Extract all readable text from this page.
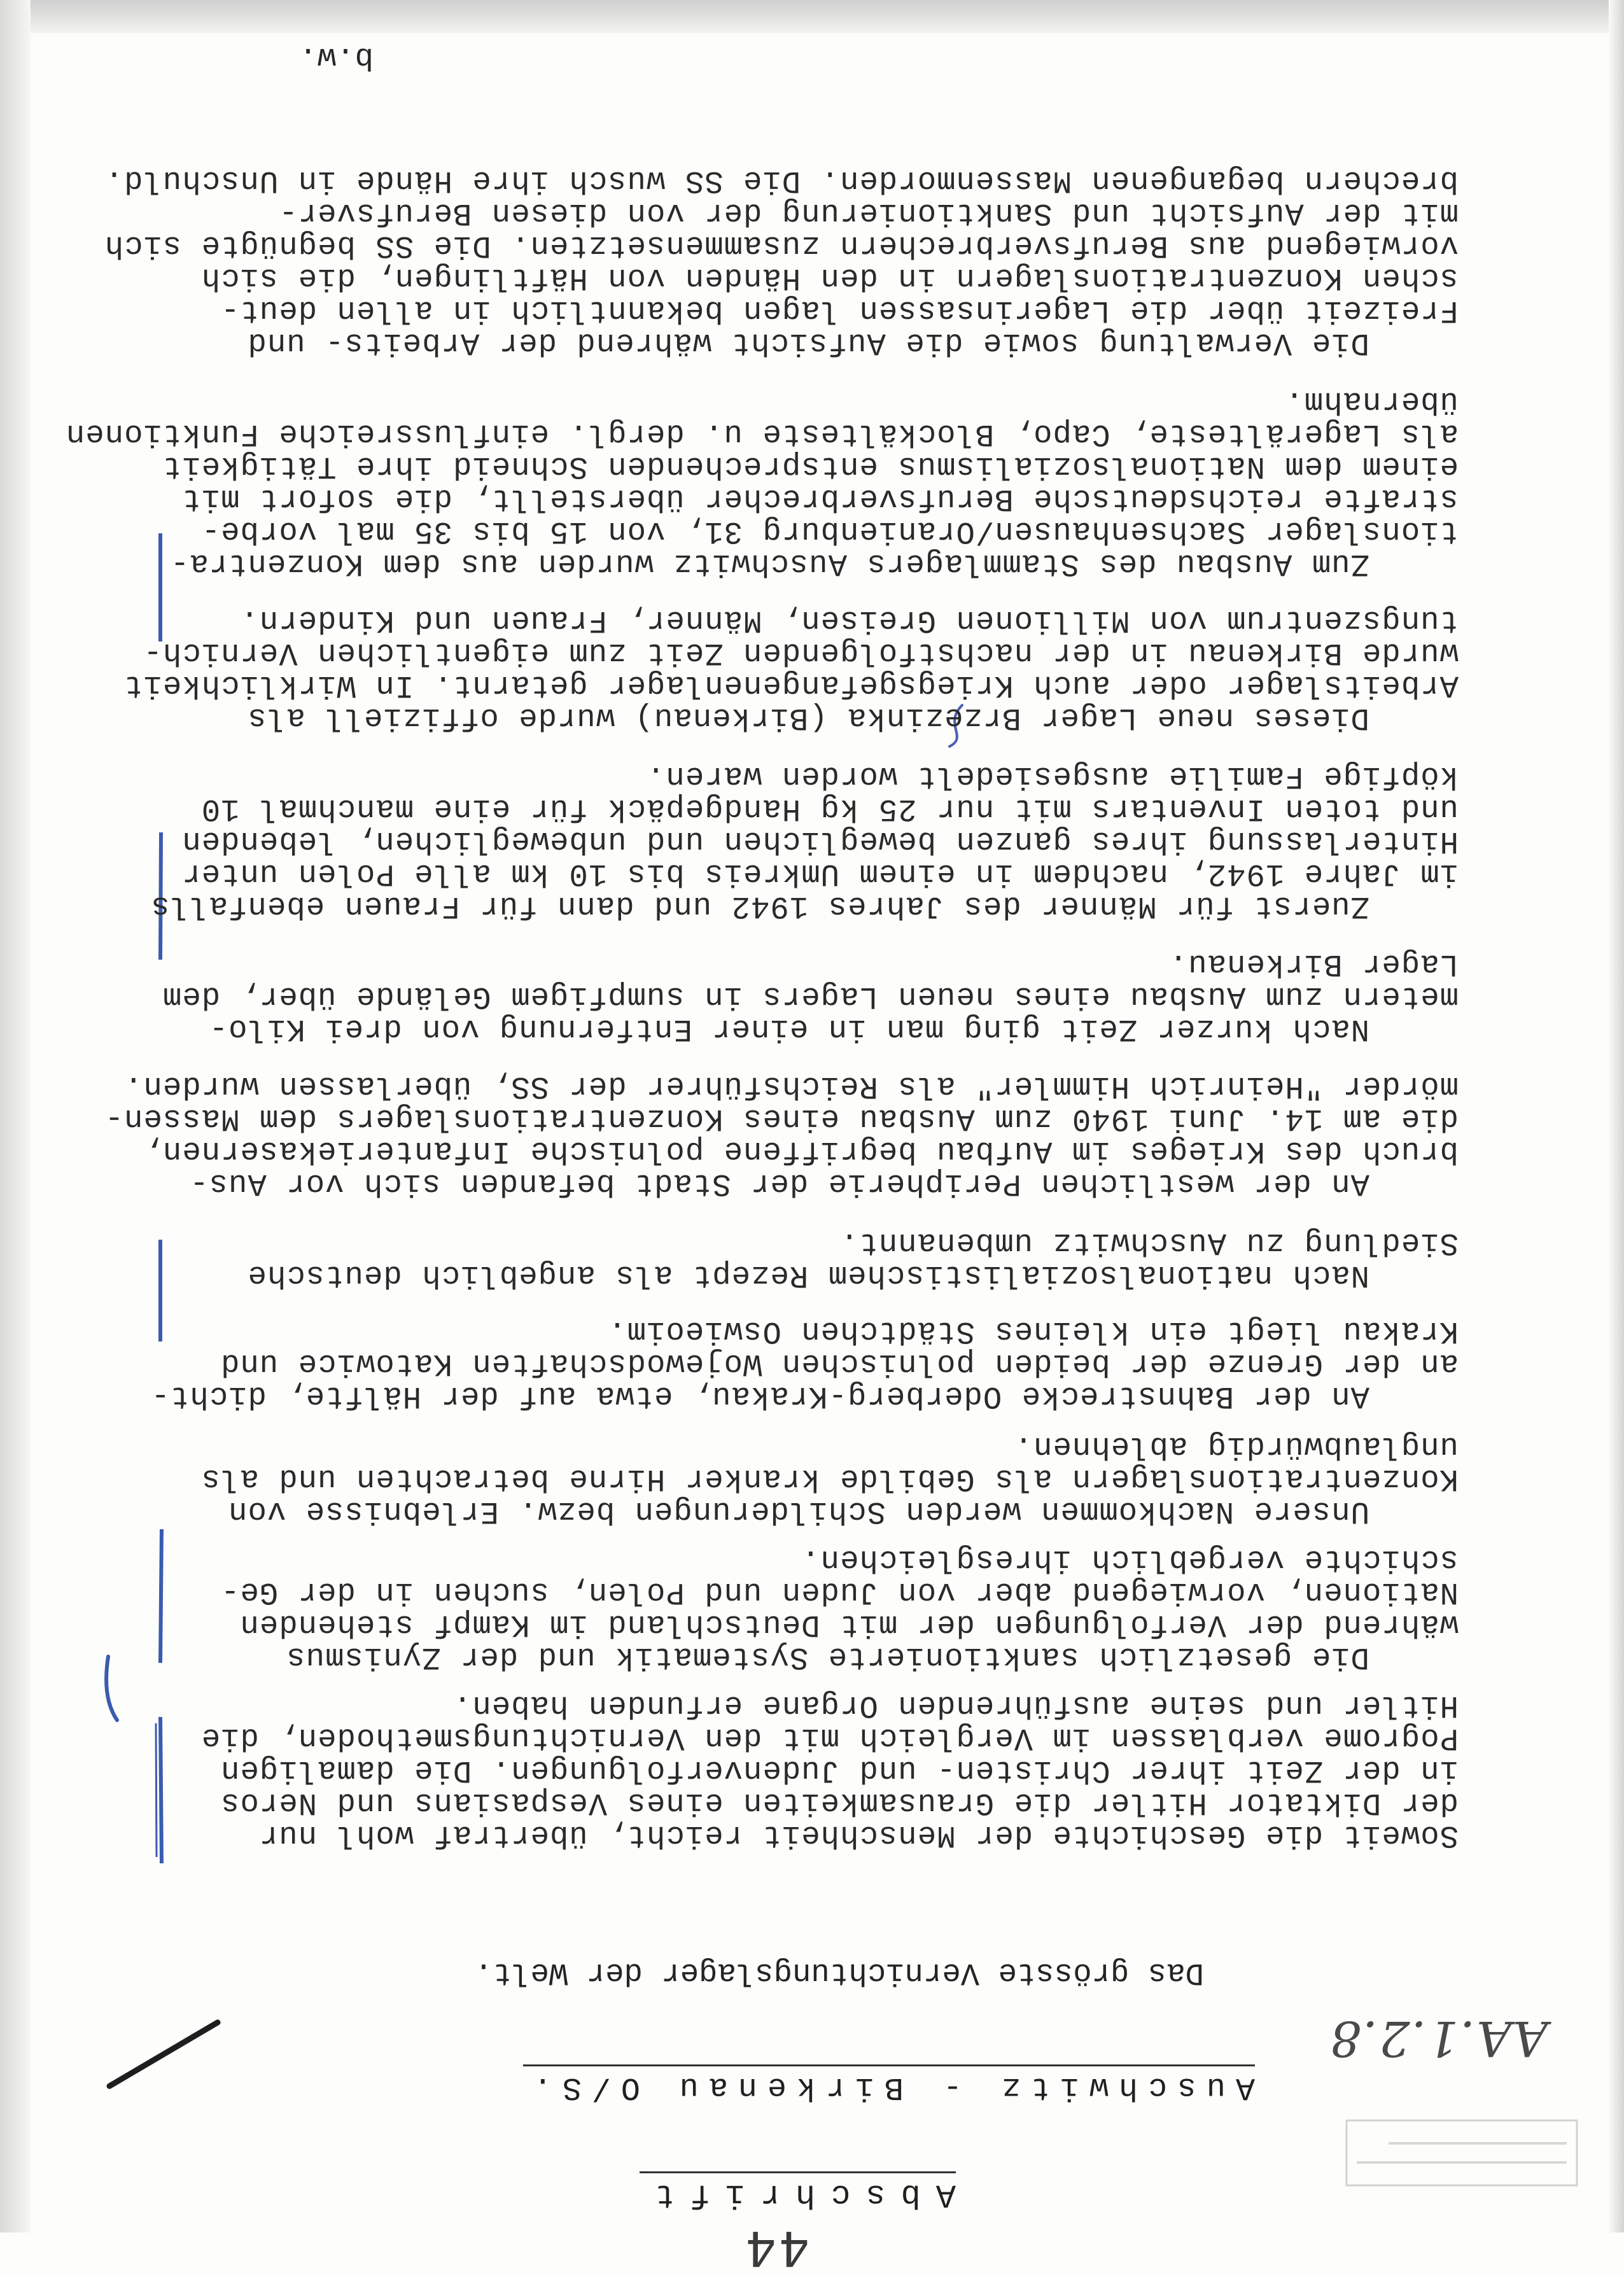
44
Abschrift
AA.1.2.8
Auschwitz - Birkenau O/S.
Das grösste Vernichtungslager der Welt.
Soweit die Geschichte der Menschheit reicht, übertraf wohl nur
der Diktator Hitler die Grausamkeiten eines Vespasians und Neros
in der Zeit ihrer Christen- und Judenverfolgungen. Die damaligen
Pogrome verblassen im Vergleich mit den Vernichtungsmethoden, die
Hitler und seine ausführenden Organe erfunden haben.
Die gesetzlich sanktionierte Systematik und der Zynismus
während der Verfolgungen der mit Deutschland im Kampf stehenden
Nationen, vorwiegend aber von Juden und Polen, suchen in der Ge-
schichte vergeblich ihresgleichen.
Unsere Nachkommen werden Schilderungen bezw. Erlebnisse von
Konzentrationslagern als Gebilde kranker Hirne betrachten und als
unglaubwürdig ablehnen.
An der Bahnstrecke Oderberg-Krakau, etwa auf der Hälfte, dicht-
an der Grenze der beiden polnischen Wojewodschaften Katowice und
Krakau liegt ein kleines Städtchen Oswieoim.
Nach nationalsozialistischem Rezept als angeblich deutsche
Siedlung zu Auschwitz umbenannt.
An der westlichen Peripherie der Stadt befanden sich vor Aus-
bruch des Krieges im Aufbau begriffene polnische Infanteriekasernen,
die am 14. Juni 1940 zum Ausbau eines Konzentrationslagers dem Massen-
mörder "Heinrich Himmler" als Reichsführer der SS, überlassen wurden.
Nach kurzer Zeit ging man in einer Entfernung von drei Kilo-
metern zum Ausbau eines neuen Lagers in sumpfigem Gelände über, dem
Lager Birkenau.
Zuerst für Männer des Jahres 1942 und dann für Frauen ebenfalls
im Jahre 1942, nachdem in einem Umkreis bis 10 km alle Polen unter
Hinterlassung ihres ganzen beweglichen und unbeweglichen, lebenden
und toten Inventars mit nur 25 kg Handgepäck für eine manchmal 10
köpfige Familie ausgesiedelt worden waren.
Dieses neue Lager Brzezinka (Birkenau) wurde offiziell als
Arbeitslager oder auch Kriegsgefangenenlager getarnt. In Wirklichkeit
wurde Birkenau in der nachstfolgenden Zeit zum eigentlichen Vernich-
tungszentrum von Millionen Greisen, Männer, Frauen und Kindern.
Zum Ausbau des Stammlagers Auschwitz wurden aus dem Konzentra-
tionslager Sachsenhausen/Oranienburg 31, von 15 bis 35 mal vorbe-
strafte reichsdeutsche Berufsverbrecher überstellt, die sofort mit
einem dem Nationalsozialismus entsprechenden Schneid ihre Tätigkeit
als Lagerälteste, Capo, Blockälteste u. dergl. einflussreiche Funktionen
übernahm.
Die Verwaltung sowie die Aufsicht während der Arbeits- und
Freizeit über die Lagerinsassen lagen bekanntlich in allen deut-
schen Konzentrationslagern in den Händen von Häftlingen, die sich
vorwiegend aus Berufsverbrechern zusammensetzten. Die SS begnügte sich
mit der Aufsicht und Sanktionierung der von diesen Berufsver-
brechern begangenen Massenmorden. Die SS wusch ihre Hände in Unschuld.
b.w.
